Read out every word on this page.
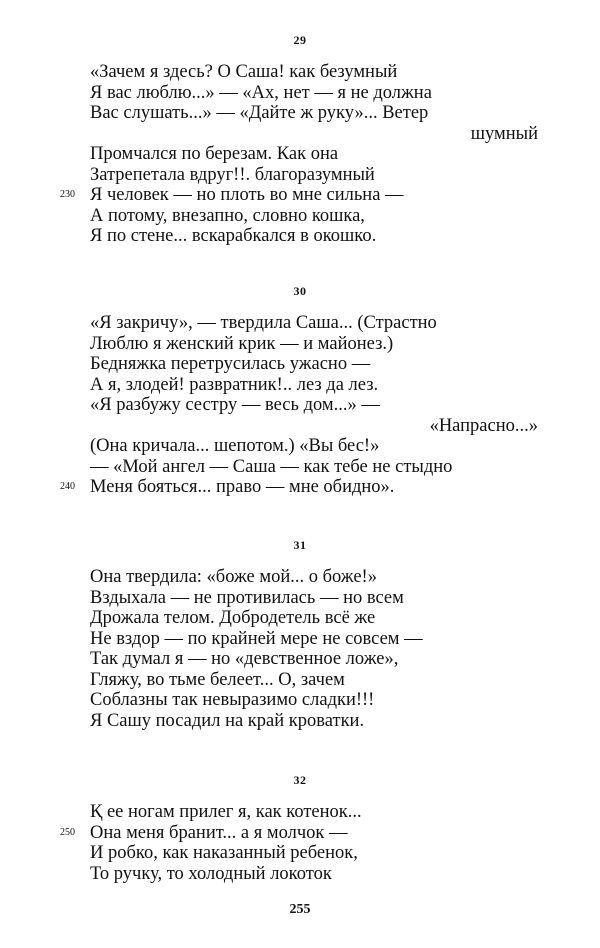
29
«Зачем я здесь? О Саша! как безумный
Я вас люблю...» — «Ах, нет — я не должна
Вас слушать...» — «Дайте ж руку»... Ветер
шумный
Промчался по березам. Как она
Затрепетала вдруг!!. благоразумный
230 Я человек — но плоть во мне сильна —
А потому, внезапно, словно кошка,
Я по стене... вскарабкался в окошко.
30
«Я закричу», — твердила Саша... (Страстно
Люблю я женский крик — и майонез.)
Бедняжка перетрусилась ужасно —
А я, злодей! развратник!.. лез да лез.
«Я разбужу сестру — весь дом...» —
«Напрасно...»
(Она кричала... шепотом.) «Вы бес!»
— «Мой ангел — Саша — как тебе не стыдно
240 Меня бояться... право — мне обидно».
31
Она твердила: «боже мой... о боже!»
Вздыхала — не противилась — но всем
Дрожала телом. Добродетель всё же
Не вздор — по крайней мере не совсем —
Так думал я — но «девственное ложе»,
Гляжу, во тьме белеет... О, зачем
Соблазны так невыразимо сладки!!!
Я Сашу посадил на край кроватки.
32
Қ ее ногам прилег я, как котенок...
250 Она меня бранит... а я молчок —
И робко, как наказанный ребенок,
То ручку, то холодный локоток
255
